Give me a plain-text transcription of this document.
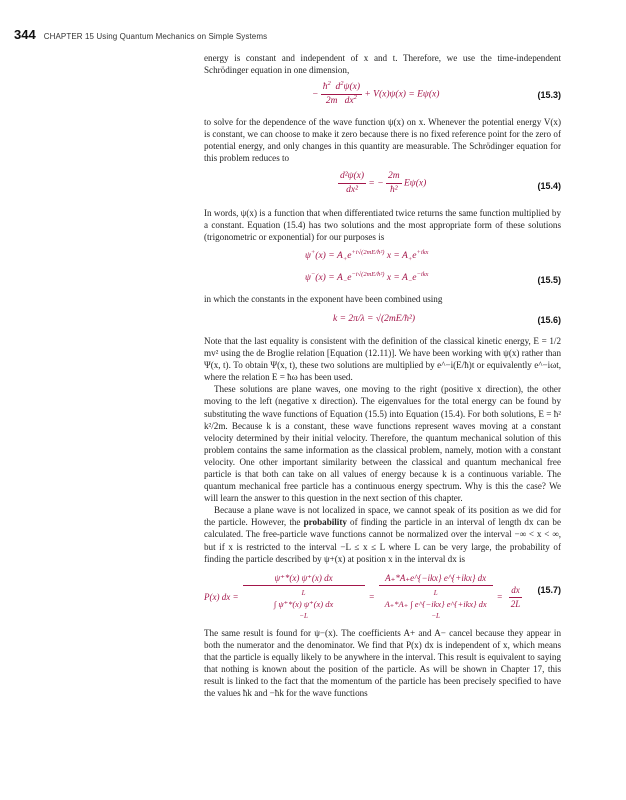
344 CHAPTER 15 Using Quantum Mechanics on Simple Systems

energy is constant and independent of x and t. Therefore, we use the time-independent Schrödinger equation in one dimension,

− $\frac{ħ^2 d^2\psi(x)}{2m dx^2} + V(x)\psi(x) = E\psi(x)$	(15.3)

to solve for the dependence of the wave function ψ(x) on x. Whenever the potential energy V(x) is constant, we can choose to make it zero because there is no fixed reference point for the zero of potential energy, and only changes in this quantity are measurable. The Schrödinger equation for this problem reduces to

$\frac{\text{d²ψ(x)}}{\text{dx²}}$ = − $\frac{2m}{\text{ħ²}} E\psi(x)$	(15.4)

In words, ψ(x) is a function that when differentiated twice returns the same function multiplied by a constant. Equation (15.4) has two solutions and the most appropriate form of these solutions (trigonometric or exponential) for our purposes is

$\psi^+(x) = A_+e^{+i√(2mE/ħ^2)}$ $x = A_+e^{+ikx}$
$\psi^-(x) = A_-e^{-i√(2mE/ħ^2)}$ $x = A_-e^{-ikx}$
(15.5)

in which the constants in the exponent have been combined using

k = 2π/λ = √(2mE/ħ²)	(15.6)

Note that the last equality is consistent with the definition of the classical kinetic energy, E = 1/2 mv² using the de Broglie relation [Equation (12.11)]. We have been working with ψ(x) rather than Ψ(x, t). To obtain Ψ(x, t), these two solutions are multiplied by e^−i(E/ħ)t or equivalently e^−iωt, where the relation E = ħω has been used.

These solutions are plane waves, one moving to the right (positive x direction), the other moving to the left (negative x direction). The eigenvalues for the total energy can be found by substituting the wave functions of Equation (15.5) into Equation (15.4). For both solutions, E = ħ² k²/2m. Because k is a constant, these wave functions represent waves moving at a constant velocity determined by their initial velocity. Therefore, the quantum mechanical solution of this problem contains the same information as the classical problem, namely, motion with a constant velocity. One other important similarity between the classical and quantum mechanical free particle is that both can take on all values of energy because k is a continuous variable. The quantum mechanical free particle has a continuous energy spectrum. Why is this the case? We will learn the answer to this question in the next section of this chapter.

Because a plane wave is not localized in space, we cannot speak of its position as we did for the particle. However, the probability of finding the particle in an interval of length dx can be calculated. The free-particle wave functions cannot be normalized over the interval −∞ < x < ∞, but if x is restricted to the interval −L ≤ x ≤ L where L can be very large, the probability of finding the particle described by ψ+(x) at position x in the interval dx is

P(x) dx =
ψ⁺*(x) ψ⁺(x) dx
L
∫ ψ⁺*(x) ψ⁺(x) dx
−L
=
A₊*A₊e^{−ikx} e^{+ikx} dx
L
A₊*A₊ ∫ e^{−ikx} e^{+ikx} dx
−L
= $\frac{dx}{2L} (15.7)$

The same result is found for ψ−(x). The coefficients A+ and A− cancel because they appear in both the numerator and the denominator. We find that P(x) dx is independent of x, which means that the particle is equally likely to be anywhere in the interval. This result is equivalent to saying that nothing is known about the position of the particle. As will be shown in Chapter 17, this result is linked to the fact that the momentum of the particle has been precisely specified to have the values ħk and −ħk for the wave functions
